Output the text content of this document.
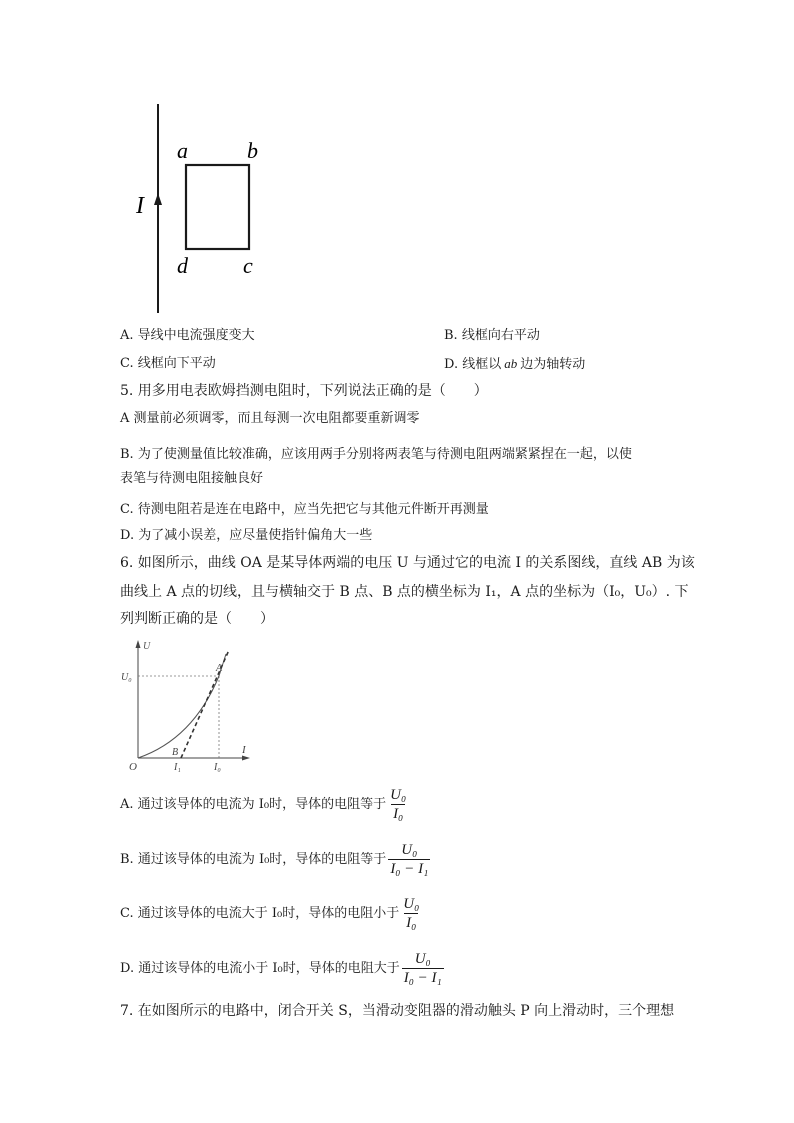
I
a	b
d	c
A. 导线中电流强度变大	B. 线框向右平动
C. 线框向下平动	D. 线框以 ab 边为轴转动
5. 用多用电表欧姆挡测电阻时，下列说法正确的是（　　）
A 测量前必须调零，而且每测一次电阻都要重新调零
B. 为了使测量值比较准确，应该用两手分别将两表笔与待测电阻两端紧紧捏在一起，以使
表笔与待测电阻接触良好
C. 待测电阻若是连在电路中，应当先把它与其他元件断开再测量
D. 为了减小误差，应尽量使指针偏角大一些
6. 如图所示，曲线 OA 是某导体两端的电压 U 与通过它的电流 I 的关系图线，直线 AB 为该
曲线上 A 点的切线，且与横轴交于 B 点、B 点的横坐标为 I₁，A 点的坐标为（I₀，U₀）. 下
列判断正确的是（　　）
U
I
O
U₀
A
B
I₁	I₀
A. 通过该导体的电流为 I₀时，导体的电阻等于 $\frac{\text{U₀}}{\text{I₀}}$
B. 通过该导体的电流为 I₀时，导体的电阻等于 $\frac{\text{U₀}}{\text{I₀ − I₁}}$
C. 通过该导体的电流大于 I₀时，导体的电阻小于 $\frac{\text{U₀}}{\text{I₀}}$
D. 通过该导体的电流小于 I₀时，导体的电阻大于 $\frac{\text{U₀}}{\text{I₀ − I₁}}$
7. 在如图所示的电路中，闭合开关 S，当滑动变阻器的滑动触头 P 向上滑动时，三个理想
